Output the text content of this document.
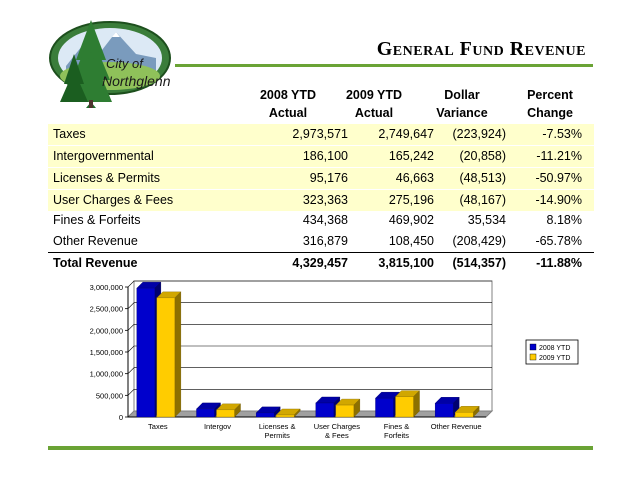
City of
Northglenn
General Fund Revenue
2008 YTD
Actual
2009 YTD
Actual
Dollar
Variance
Percent
Change
Taxes	2,973,571 2,749,647 (223,924)	-7.53%
Intergovernmental	186,100	165,242 (20,858) -11.21%
Licenses & Permits	95,176	46,663 (48,513) -50.97%
User Charges & Fees	323,363	275,196 (48,167) -14.90%
Fines & Forfeits	434,368	469,902	35,534	8.18%
Other Revenue	316,879	108,450 (208,429) -65.78%
Total Revenue	4,329,457 3,815,100 (514,357) -11.88%
0
500,000
1,000,000
1,500,000
2,000,000
2,500,000
3,000,000
Taxes	Intergov	Licenses &
Permits
User Charges
& Fees
Fines &
Forfeits
Other Revenue
2008 YTD
2009 YTD
